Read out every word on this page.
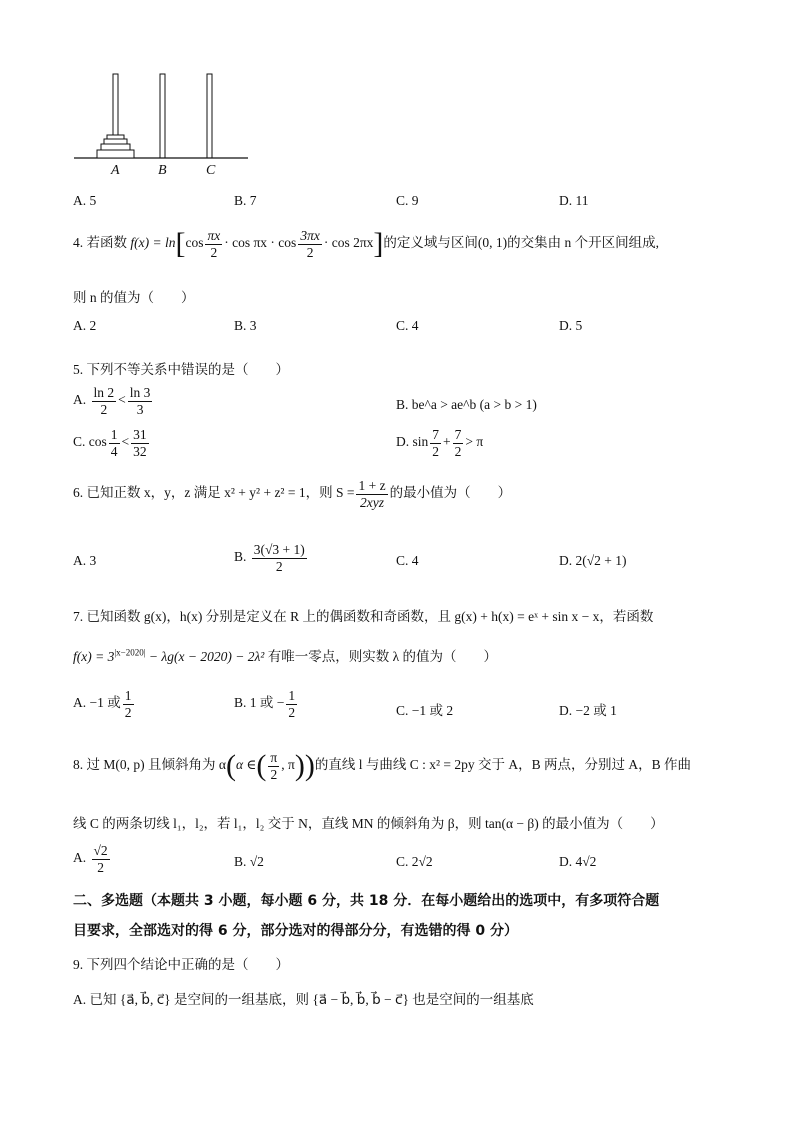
A	B	C
A. 5	B. 7	C. 9	D. 11
4. 若函数 $f(x) = \ln[\cos \frac{\pi x}{2} \cdot \cos \pi x \cdot \cos \frac{3\pi x}{2} \cdot \cos 2\pi x]$的定义域与区间(0, 1)的交集由 n 个开区间组成,
则 n 的值为（　　）
A. 2	B. 3	C. 4	D. 5
5. 下列不等关系中错误的是（　　）
A. $\frac{\ln 2}{2} < \frac{\ln 3}{3}$	B. be^a > ae^b (a > b > 1)
C. $\cos \frac{1}{4} < \frac{31}{32}$	D. $\sin \frac{7}{2} + \frac{7}{2} > \pi$
6. 已知正数 x，y，z 满足 x² + y² + z² = 1，则 $S = \frac{1 + z}{\text{2xyz}}$ 的最小值为（　　）
A. 3	B. $\frac{3(√3 + 1)}{2}$	C. 4	D. 2(√2 + 1)
7. 已知函数 g(x)，h(x) 分别是定义在 R 上的偶函数和奇函数，且 g(x) + h(x) = eˣ + sin x − x，若函数
$f(x) = 3^{|x-2020|} - \lambda g(x - 2020) - 2\lambda^2$ 有唯一零点，则实数 λ 的值为（　　）
A. −1 或 $\frac{1}{2}$	B. 1 或 − $\frac{1}{2}$	C. −1 或 2	D. −2 或 1
8. 过 M(0, p) 且倾斜角为 α(α ∈( $\frac{\pi}{2}$ , π))的直线 l 与曲线 C : x² = 2py 交于 A，B 两点，分别过 A，B 作曲
线 C 的两条切线 l₁，l₂，若 l₁，l₂ 交于 N，直线 MN 的倾斜角为 β，则 tan(α − β) 的最小值为（　　）
A. $\frac{√2}{2}$	B. √2	C. 2√2	D. 4√2
二、多选题（本题共 3 小题，每小题 6 分，共 18 分．在每小题给出的选项中，有多项符合题
目要求，全部选对的得 6 分，部分选对的得部分分，有选错的得 0 分）
9. 下列四个结论中正确的是（　　）
A. 已知 {a⃗, b⃗, c⃗} 是空间的一组基底，则 {a⃗ − b⃗, b⃗, b⃗ − c⃗} 也是空间的一组基底
